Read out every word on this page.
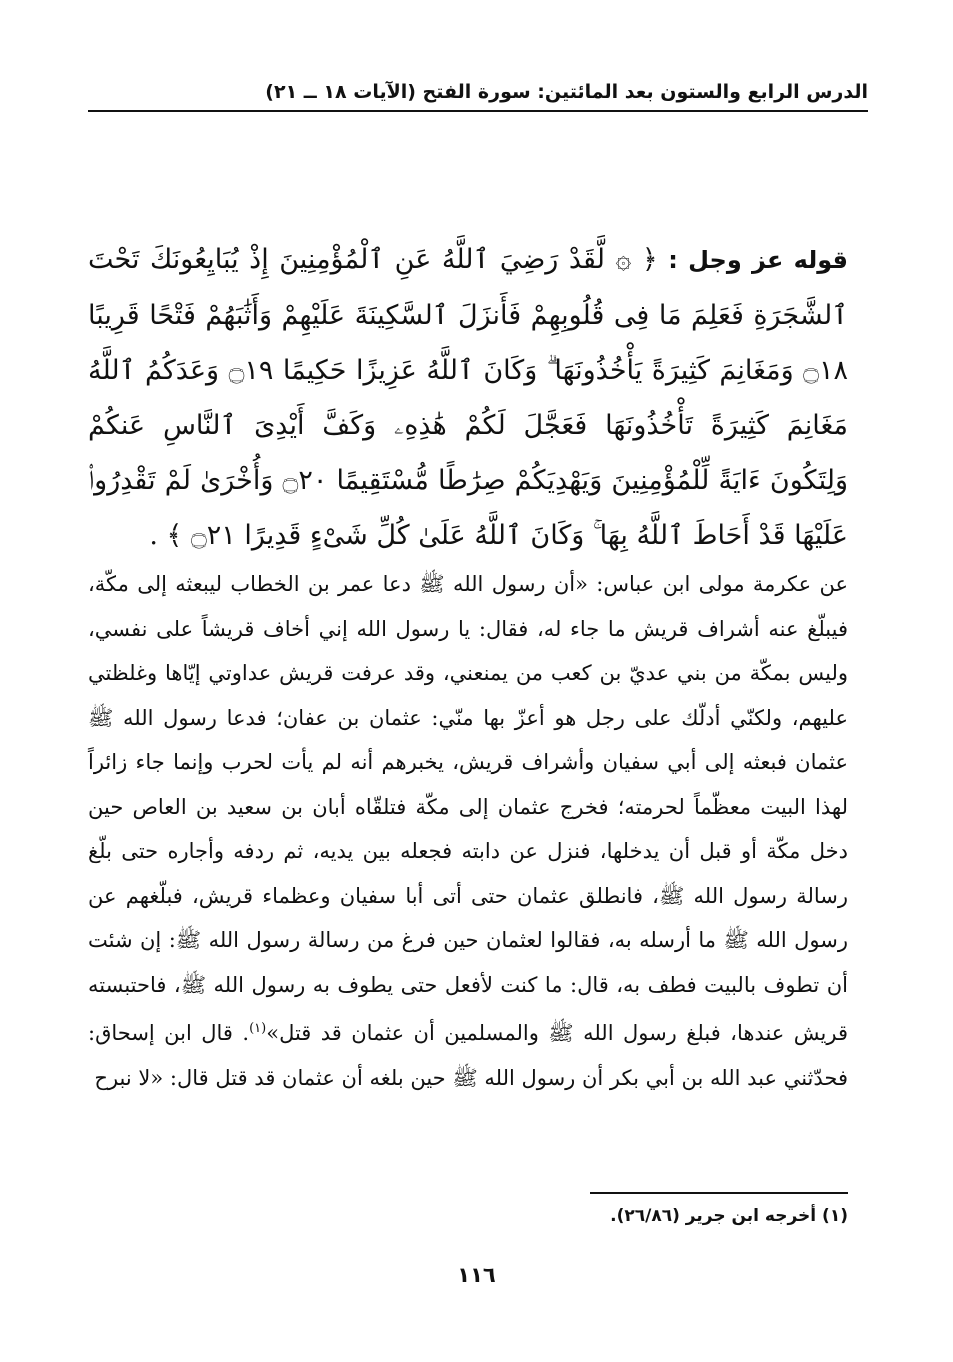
الدرس الرابع والستون بعد المائتين: سورة الفتح (الآيات ١٨ ــ ٢١)
قوله عز وجل : ﴿ ۞ لَّقَدْ رَضِيَ ٱللَّهُ عَنِ ٱلْمُؤْمِنِينَ إِذْ يُبَايِعُونَكَ تَحْتَ ٱلشَّجَرَةِ فَعَلِمَ مَا فِى قُلُوبِهِمْ فَأَنزَلَ ٱلسَّكِينَةَ عَلَيْهِمْ وَأَثَٰبَهُمْ فَتْحًا قَرِيبًا ۝١٨ وَمَغَانِمَ كَثِيرَةً يَأْخُذُونَهَا ۗ وَكَانَ ٱللَّهُ عَزِيزًا حَكِيمًا ۝١٩ وَعَدَكُمُ ٱللَّهُ مَغَانِمَ كَثِيرَةً تَأْخُذُونَهَا فَعَجَّلَ لَكُمْ هَٰذِهِۦ وَكَفَّ أَيْدِىَ ٱلنَّاسِ عَنكُمْ وَلِتَكُونَ ءَايَةً لِّلْمُؤْمِنِينَ وَيَهْدِيَكُمْ صِرَٰطًا مُّسْتَقِيمًا ۝٢٠ وَأُخْرَىٰ لَمْ تَقْدِرُوا۟ عَلَيْهَا قَدْ أَحَاطَ ٱللَّهُ بِهَا ۚ وَكَانَ ٱللَّهُ عَلَىٰ كُلِّ شَىْءٍ قَدِيرًا ۝٢١ ﴾ .

عن عكرمة مولى ابن عباس: «أن رسول الله ﷺ دعا عمر بن الخطاب ليبعثه إلى مكّة، فيبلّغ عنه أشراف قريش ما جاء له، فقال: يا رسول الله إني أخاف قريشاً على نفسي، وليس بمكّة من بني عديّ بن كعب من يمنعني، وقد عرفت قريش عداوتي إيّاها وغلظتي عليهم، ولكنّي أدلّك على رجل هو أعزّ بها منّي: عثمان بن عفان؛ فدعا رسول الله ﷺ عثمان فبعثه إلى أبي سفيان وأشراف قريش، يخبرهم أنه لم يأت لحرب وإنما جاء زائراً لهذا البيت معظّماً لحرمته؛ فخرج عثمان إلى مكّة فتلقّاه أبان بن سعيد بن العاص حين دخل مكّة أو قبل أن يدخلها، فنزل عن دابته فجعله بين يديه، ثم ردفه وأجاره حتى بلّغ رسالة رسول الله ﷺ، فانطلق عثمان حتى أتى أبا سفيان وعظماء قريش، فبلّغهم عن رسول الله ﷺ ما أرسله به، فقالوا لعثمان حين فرغ من رسالة رسول الله ﷺ: إن شئت أن تطوف بالبيت فطف به، قال: ما كنت لأفعل حتى يطوف به رسول الله ﷺ، فاحتبسته قريش عندها، فبلغ رسول الله ﷺ والمسلمين أن عثمان قد قتل»$^{(١)}$. قال ابن إسحاق: فحدّثني عبد الله بن أبي بكر أن رسول الله ﷺ حين بلغه أن عثمان قد قتل قال: «لا نبرح

(١) أخرجه ابن جرير (٢٦/٨٦).
١١٦
